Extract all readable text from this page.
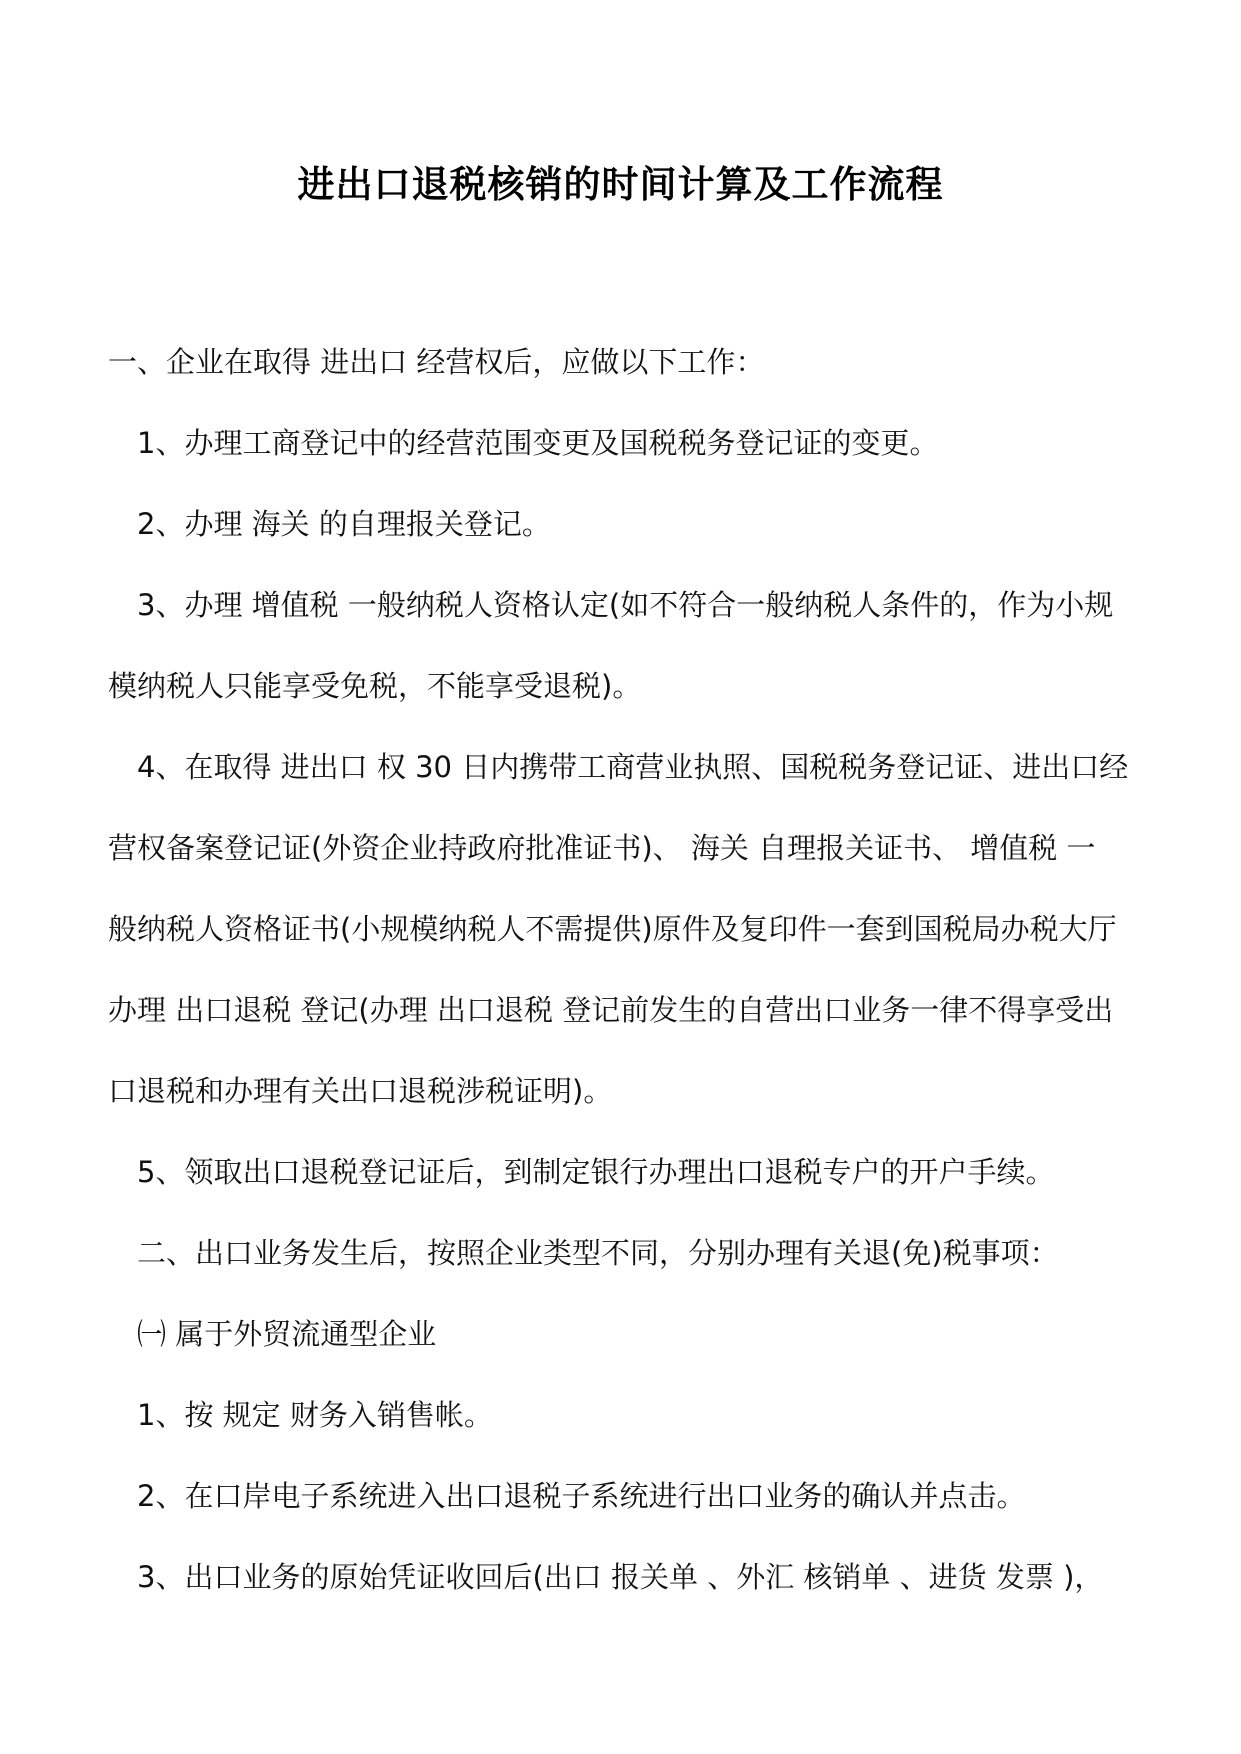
进出口退税核销的时间计算及工作流程
一、企业在取得 进出口 经营权后，应做以下工作：
1、办理工商登记中的经营范围变更及国税税务登记证的变更。
2、办理 海关 的自理报关登记。
3、办理 增值税 一般纳税人资格认定(如不符合一般纳税人条件的，作为小规
模纳税人只能享受免税，不能享受退税)。
4、在取得 进出口 权 30 日内携带工商营业执照、国税税务登记证、进出口经
营权备案登记证(外资企业持政府批准证书)、 海关 自理报关证书、 增值税 一
般纳税人资格证书(小规模纳税人不需提供)原件及复印件一套到国税局办税大厅
办理 出口退税 登记(办理 出口退税 登记前发生的自营出口业务一律不得享受出
口退税和办理有关出口退税涉税证明)。
5、领取出口退税登记证后，到制定银行办理出口退税专户的开户手续。
二、出口业务发生后，按照企业类型不同，分别办理有关退(免)税事项：
㈠ 属于外贸流通型企业
1、按 规定 财务入销售帐。
2、在口岸电子系统进入出口退税子系统进行出口业务的确认并点击。
3、出口业务的原始凭证收回后(出口 报关单 、外汇 核销单 、进货 发票 )，
